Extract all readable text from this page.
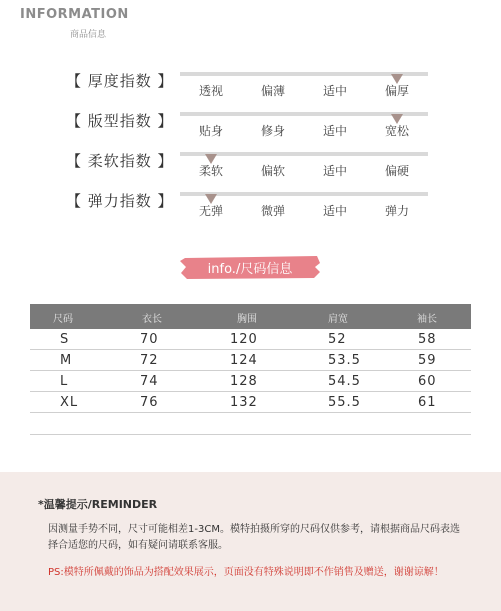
INFORMATION
商品信息
【 厚度指数 】
透视	偏薄	适中	偏厚
【 版型指数 】
贴身	修身	适中	宽松
【 柔软指数 】
柔软	偏软	适中	偏硬
【 弹力指数 】
无弹	微弹	适中	弹力
info./尺码信息
尺码	衣长	胸围	肩宽	袖长
S	70	120	52	58
M	72	124	53.5	59
L	74	128	54.5	60
XL	76	132	55.5	61
*温馨提示/REMINDER
因测量手势不同，尺寸可能相差1-3CM。模特拍摄所穿的尺码仅供参考，请根据商品尺码表选择合适您的尺码，如有疑问请联系客服。
PS:模特所佩戴的饰品为搭配效果展示，页面没有特殊说明即不作销售及赠送，谢谢谅解！
